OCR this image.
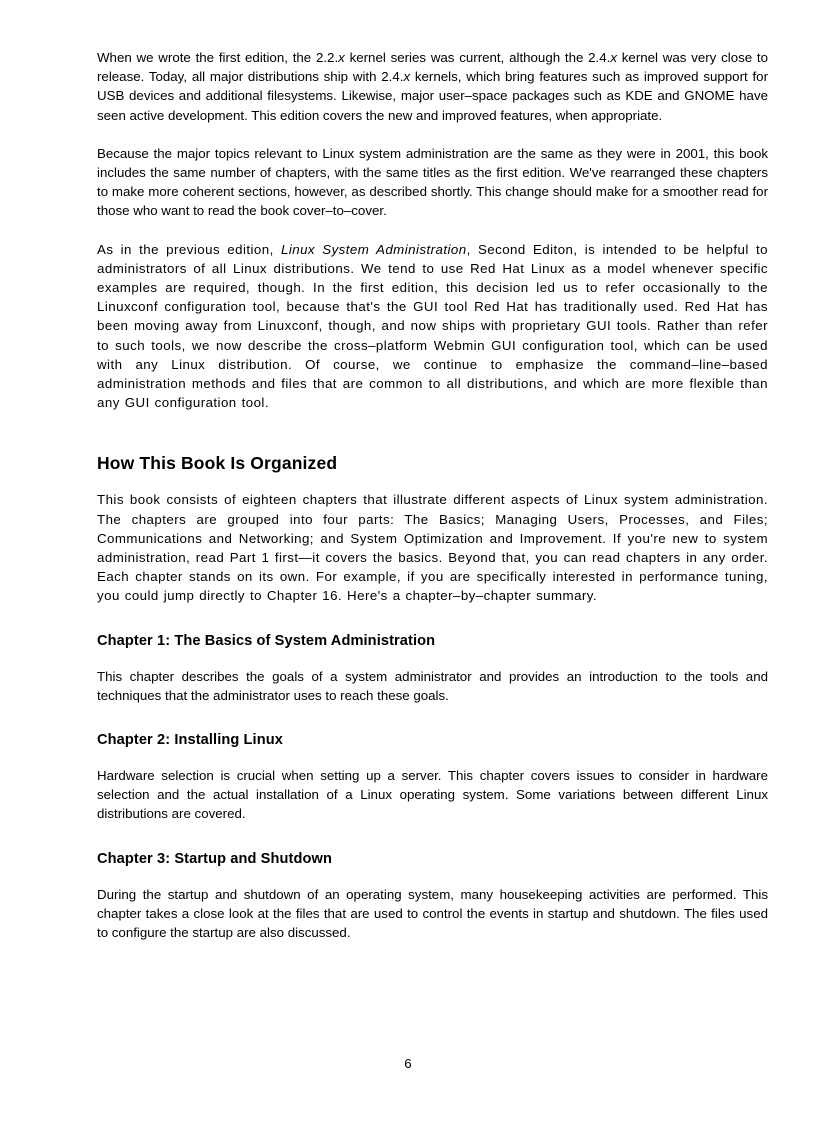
When we wrote the first edition, the 2.2.x kernel series was current, although the 2.4.x kernel was very close to release. Today, all major distributions ship with 2.4.x kernels, which bring features such as improved support for USB devices and additional filesystems. Likewise, major user–space packages such as KDE and GNOME have seen active development. This edition covers the new and improved features, when appropriate.

Because the major topics relevant to Linux system administration are the same as they were in 2001, this book includes the same number of chapters, with the same titles as the first edition. We've rearranged these chapters to make more coherent sections, however, as described shortly. This change should make for a smoother read for those who want to read the book cover–to–cover.

As in the previous edition, Linux System Administration, Second Editon, is intended to be helpful to administrators of all Linux distributions. We tend to use Red Hat Linux as a model whenever specific examples are required, though. In the first edition, this decision led us to refer occasionally to the Linuxconf configuration tool, because that's the GUI tool Red Hat has traditionally used. Red Hat has been moving away from Linuxconf, though, and now ships with proprietary GUI tools. Rather than refer to such tools, we now describe the cross–platform Webmin GUI configuration tool, which can be used with any Linux distribution. Of course, we continue to emphasize the command–line–based administration methods and files that are common to all distributions, and which are more flexible than any GUI configuration tool.

How This Book Is Organized

This book consists of eighteen chapters that illustrate different aspects of Linux system administration. The chapters are grouped into four parts: The Basics; Managing Users, Processes, and Files; Communications and Networking; and System Optimization and Improvement. If you're new to system administration, read Part 1 first—it covers the basics. Beyond that, you can read chapters in any order. Each chapter stands on its own. For example, if you are specifically interested in performance tuning, you could jump directly to Chapter 16. Here's a chapter–by–chapter summary.

Chapter 1: The Basics of System Administration

This chapter describes the goals of a system administrator and provides an introduction to the tools and techniques that the administrator uses to reach these goals.

Chapter 2: Installing Linux

Hardware selection is crucial when setting up a server. This chapter covers issues to consider in hardware selection and the actual installation of a Linux operating system. Some variations between different Linux distributions are covered.

Chapter 3: Startup and Shutdown

During the startup and shutdown of an operating system, many housekeeping activities are performed. This chapter takes a close look at the files that are used to control the events in startup and shutdown. The files used to configure the startup are also discussed.

6
